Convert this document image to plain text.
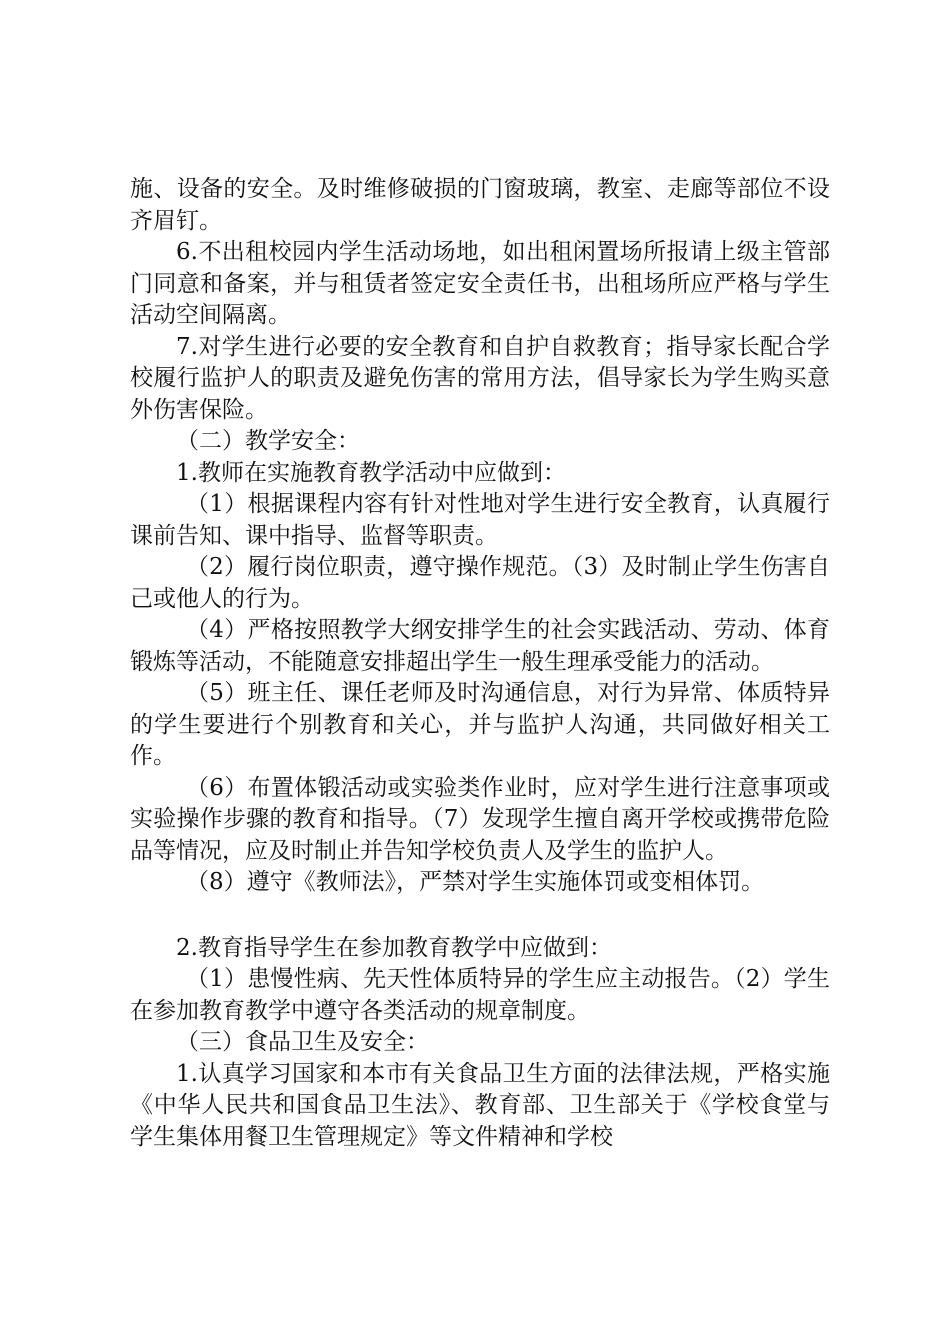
施、设备的安全。及时维修破损的门窗玻璃，教室、走廊等部位不设齐眉钉。

6.不出租校园内学生活动场地，如出租闲置场所报请上级主管部门同意和备案，并与租赁者签定安全责任书，出租场所应严格与学生活动空间隔离。

7.对学生进行必要的安全教育和自护自救教育；指导家长配合学校履行监护人的职责及避免伤害的常用方法，倡导家长为学生购买意外伤害保险。

（二）教学安全：

1.教师在实施教育教学活动中应做到：

（1）根据课程内容有针对性地对学生进行安全教育，认真履行课前告知、课中指导、监督等职责。

（2）履行岗位职责，遵守操作规范。（3）及时制止学生伤害自己或他人的行为。

（4）严格按照教学大纲安排学生的社会实践活动、劳动、体育锻炼等活动，不能随意安排超出学生一般生理承受能力的活动。

（5）班主任、课任老师及时沟通信息，对行为异常、体质特异的学生要进行个别教育和关心，并与监护人沟通，共同做好相关工作。

（6）布置体锻活动或实验类作业时，应对学生进行注意事项或实验操作步骤的教育和指导。（7）发现学生擅自离开学校或携带危险品等情况，应及时制止并告知学校负责人及学生的监护人。

（8）遵守《教师法》，严禁对学生实施体罚或变相体罚。

2.教育指导学生在参加教育教学中应做到：

（1）患慢性病、先天性体质特异的学生应主动报告。（2）学生在参加教育教学中遵守各类活动的规章制度。

（三）食品卫生及安全：

1.认真学习国家和本市有关食品卫生方面的法律法规，严格实施《中华人民共和国食品卫生法》、教育部、卫生部关于《学校食堂与学生集体用餐卫生管理规定》等文件精神和学校
